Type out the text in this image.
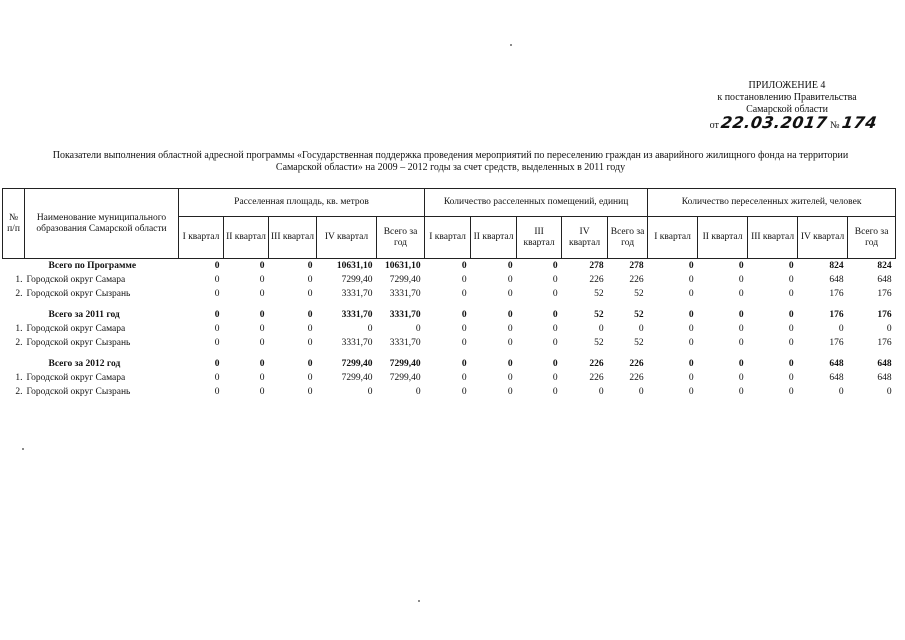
ПРИЛОЖЕНИЕ 4
к постановлению Правительства
Самарской области
от 22.03.2017 № 174
Показатели выполнения областной адресной программы «Государственная поддержка проведения мероприятий по переселению граждан из аварийного жилищного фонда на территории
Самарской области» на 2009 – 2012 годы за счет средств, выделенных в 2011 году
№ п/п	Наименование муниципального образования Самарской области	Расселенная площадь, кв. метров					Количество расселенных помещений, единиц					Количество переселенных жителей, человек				
		I квартал	II квартал	III квартал	IV квартал	Всего за год	I квартал	II квартал	III квартал	IV квартал	Всего за год	I квартал	II квартал	III квартал	IV квартал	Всего за год
	Всего по Программе	0	0	0	10631,10	10631,10	0	0	0	278	278	0	0	0	824	824
1.	Городской округ Самара	0	0	0	7299,40	7299,40	0	0	0	226	226	0	0	0	648	648
2.	Городской округ Сызрань	0	0	0	3331,70	3331,70	0	0	0	52	52	0	0	0	176	176

	Всего за 2011 год	0	0	0	3331,70	3331,70	0	0	0	52	52	0	0	0	176	176
1.	Городской округ Самара	0	0	0	0	0	0	0	0	0	0	0	0	0	0	0
2.	Городской округ Сызрань	0	0	0	3331,70	3331,70	0	0	0	52	52	0	0	0	176	176

	Всего за 2012 год	0	0	0	7299,40	7299,40	0	0	0	226	226	0	0	0	648	648
1.	Городской округ Самара	0	0	0	7299,40	7299,40	0	0	0	226	226	0	0	0	648	648
2.	Городской округ Сызрань	0	0	0	0	0	0	0	0	0	0	0	0	0	0	0
